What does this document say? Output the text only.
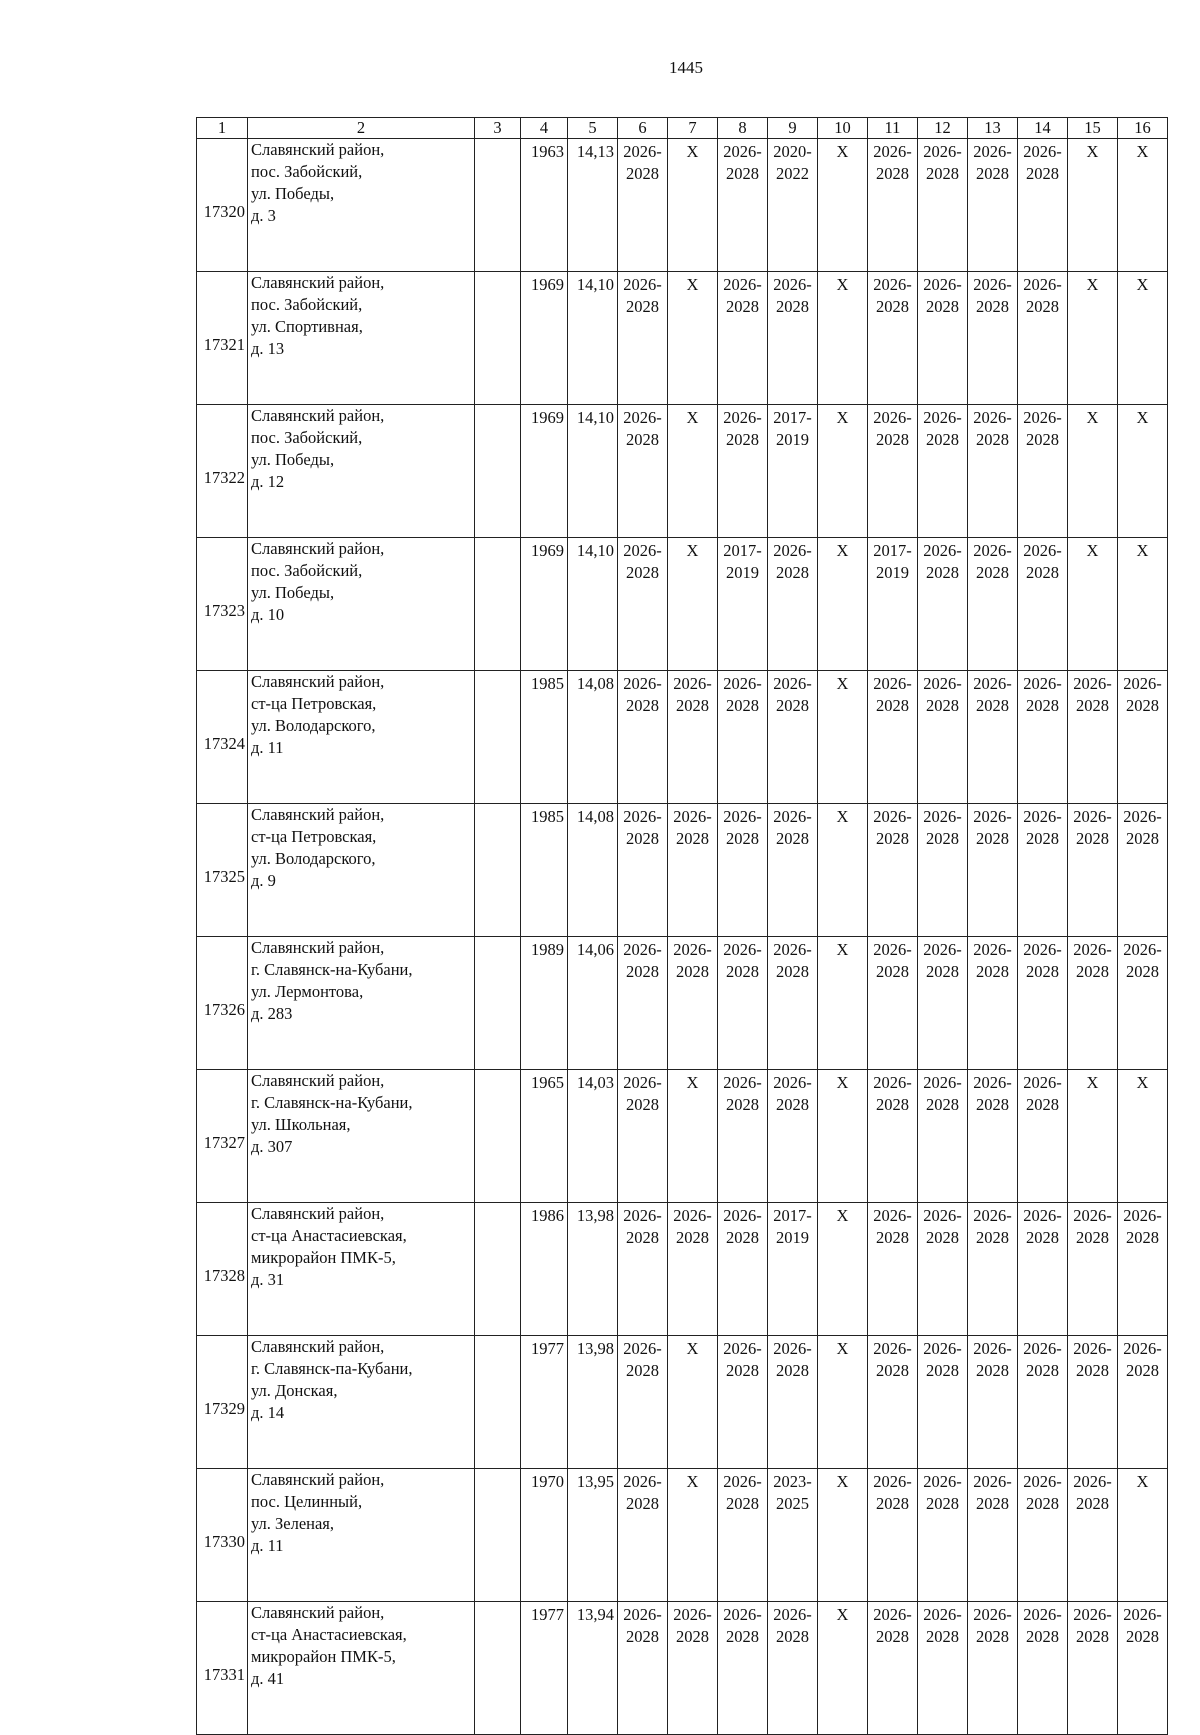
1445
1	2	3	4	5	6	7	8	9	10	11	12	13	14	15	16
17320	Славянский район,
пос. Забойский,
ул. Победы,
д. 3		1963	14,13	2026-
2028	Х	2026-
2028	2020-
2022	Х	2026-
2028	2026-
2028	2026-
2028	2026-
2028	Х	Х
17321	Славянский район,
пос. Забойский,
ул. Спортивная,
д. 13		1969	14,10	2026-
2028	Х	2026-
2028	2026-
2028	Х	2026-
2028	2026-
2028	2026-
2028	2026-
2028	Х	Х
17322	Славянский район,
пос. Забойский,
ул. Победы,
д. 12		1969	14,10	2026-
2028	Х	2026-
2028	2017-
2019	Х	2026-
2028	2026-
2028	2026-
2028	2026-
2028	Х	Х
17323	Славянский район,
пос. Забойский,
ул. Победы,
д. 10		1969	14,10	2026-
2028	Х	2017-
2019	2026-
2028	Х	2017-
2019	2026-
2028	2026-
2028	2026-
2028	Х	Х
17324	Славянский район,
ст-ца Петровская,
ул. Володарского,
д. 11		1985	14,08	2026-
2028	2026-
2028	2026-
2028	2026-
2028	Х	2026-
2028	2026-
2028	2026-
2028	2026-
2028	2026-
2028	2026-
2028

17325	Славянский район,
ст-ца Петровская,
ул. Володарского,
д. 9		1985	14,08	2026-
2028	2026-
2028	2026-
2028	2026-
2028	Х	2026-
2028	2026-
2028	2026-
2028	2026-
2028	2026-
2028	2026-
2028

17326	Славянский район,
г. Славянск-на-Кубани,
ул. Лермонтова,
д. 283		1989	14,06	2026-
2028	2026-
2028	2026-
2028	2026-
2028	Х	2026-
2028	2026-
2028	2026-
2028	2026-
2028	2026-
2028	2026-
2028

17327	Славянский район,
г. Славянск-на-Кубани,
ул. Школьная,
д. 307		1965	14,03	2026-
2028	Х	2026-
2028	2026-
2028	Х	2026-
2028	2026-
2028	2026-
2028	2026-
2028	Х	Х
17328	Славянский район,
ст-ца Анастасиевская,
микрорайон ПМК-5,
д. 31		1986	13,98	2026-
2028	2026-
2028	2026-
2028	2017-
2019	Х	2026-
2028	2026-
2028	2026-
2028	2026-
2028	2026-
2028	2026-
2028

17329	Славянский район,
г. Славянск-па-Кубани,
ул. Донская,
д. 14		1977	13,98	2026-
2028	Х	2026-
2028	2026-
2028	Х	2026-
2028	2026-
2028	2026-
2028	2026-
2028	2026-
2028	2026-
2028

17330	Славянский район,
пос. Целинный,
ул. Зеленая,
д. 11		1970	13,95	2026-
2028	Х	2026-
2028	2023-
2025	Х	2026-
2028	2026-
2028	2026-
2028	2026-
2028	2026-
2028	Х
17331	Славянский район,
ст-ца Анастасиевская,
микрорайон ПМК-5,
д. 41		1977	13,94	2026-
2028	2026-
2028	2026-
2028	2026-
2028	Х	2026-
2028	2026-
2028	2026-
2028	2026-
2028	2026-
2028	2026-
2028
